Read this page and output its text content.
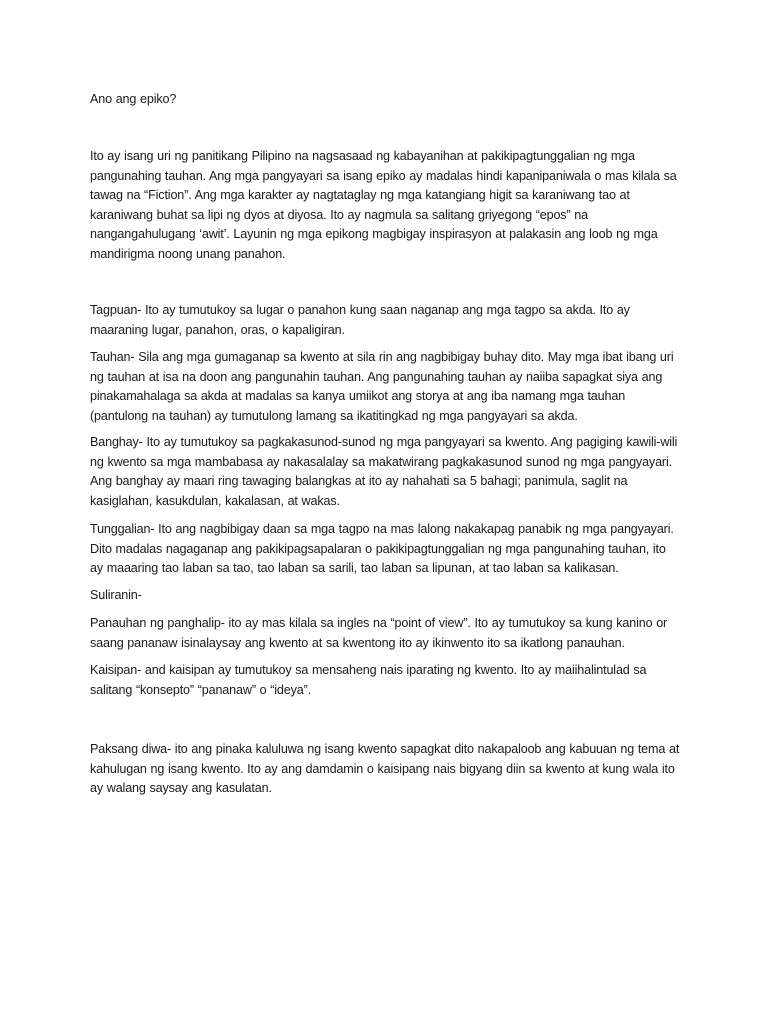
Ano ang epiko?

Ito ay isang uri ng panitikang Pilipino na nagsasaad ng kabayanihan at pakikipagtunggalian ng mga pangunahing tauhan. Ang mga pangyayari sa isang epiko ay madalas hindi kapanipaniwala o mas kilala sa tawag na “Fiction”. Ang mga karakter ay nagtataglay ng mga katangiang higit sa karaniwang tao at karaniwang buhat sa lipi ng dyos at diyosa. Ito ay nagmula sa salitang griyegong “epos” na nangangahulugang ‘awit’. Layunin ng mga epikong magbigay inspirasyon at palakasin ang loob ng mga mandirigma noong unang panahon.

Tagpuan- Ito ay tumutukoy sa lugar o panahon kung saan naganap ang mga tagpo sa akda. Ito ay maaraning lugar, panahon, oras, o kapaligiran.

Tauhan- Sila ang mga gumaganap sa kwento at sila rin ang nagbibigay buhay dito. May mga ibat ibang uri ng tauhan at isa na doon ang pangunahin tauhan. Ang pangunahing tauhan ay naiiba sapagkat siya ang pinakamahalaga sa akda at madalas sa kanya umiikot ang storya at ang iba namang mga tauhan (pantulong na tauhan) ay tumutulong lamang sa ikatitingkad ng mga pangyayari sa akda.

Banghay- Ito ay tumutukoy sa pagkakasunod-sunod ng mga pangyayari sa kwento. Ang pagiging kawili-wili ng kwento sa mga mambabasa ay nakasalalay sa makatwirang pagkakasunod sunod ng mga pangyayari. Ang banghay ay maari ring tawaging balangkas at ito ay nahahati sa 5 bahagi; panimula, saglit na kasiglahan, kasukdulan, kakalasan, at wakas.

Tunggalian- Ito ang nagbibigay daan sa mga tagpo na mas lalong nakakapag panabik ng mga pangyayari. Dito madalas nagaganap ang pakikipagsapalaran o pakikipagtunggalian ng mga pangunahing tauhan, ito ay maaaring tao laban sa tao, tao laban sa sarili, tao laban sa lipunan, at tao laban sa kalikasan.

Suliranin-

Panauhan ng panghalip- ito ay mas kilala sa ingles na “point of view”. Ito ay tumutukoy sa kung kanino or saang pananaw isinalaysay ang kwento at sa kwentong ito ay ikinwento ito sa ikatlong panauhan.

Kaisipan- and kaisipan ay tumutukoy sa mensaheng nais iparating ng kwento. Ito ay maiihalintulad sa salitang “konsepto” “pananaw” o “ideya”.

Paksang diwa- ito ang pinaka kaluluwa ng isang kwento sapagkat dito nakapaloob ang kabuuan ng tema at kahulugan ng isang kwento. Ito ay ang damdamin o kaisipang nais bigyang diin sa kwento at kung wala ito ay walang saysay ang kasulatan.
